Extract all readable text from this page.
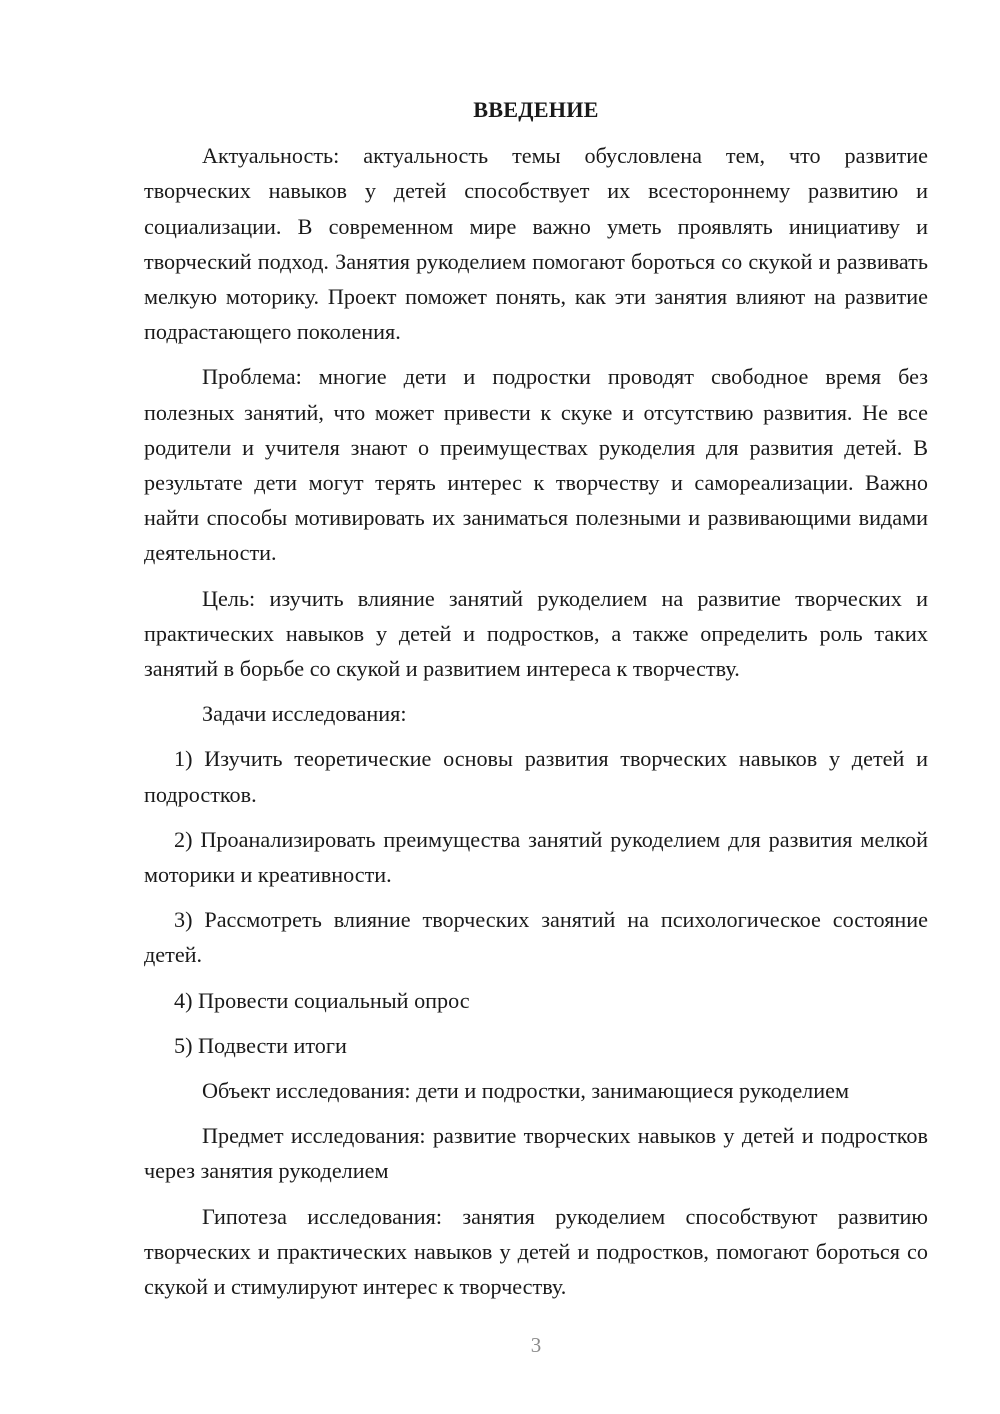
ВВЕДЕНИЕ

Актуальность: актуальность темы обусловлена тем, что развитие творческих навыков у детей способствует их всестороннему развитию и социализации. В современном мире важно уметь проявлять инициативу и творческий подход. Занятия рукоделием помогают бороться со скукой и развивать мелкую моторику. Проект поможет понять, как эти занятия влияют на развитие подрастающего поколения.

Проблема: многие дети и подростки проводят свободное время без полезных занятий, что может привести к скуке и отсутствию развития. Не все родители и учителя знают о преимуществах рукоделия для развития детей. В результате дети могут терять интерес к творчеству и самореализации. Важно найти способы мотивировать их заниматься полезными и развивающими видами деятельности.

Цель: изучить влияние занятий рукоделием на развитие творческих и практических навыков у детей и подростков, а также определить роль таких занятий в борьбе со скукой и развитием интереса к творчеству.

Задачи исследования:

1) Изучить теоретические основы развития творческих навыков у детей и подростков.

2) Проанализировать преимущества занятий рукоделием для развития мелкой моторики и креативности.

3) Рассмотреть влияние творческих занятий на психологическое состояние детей.

4) Провести социальный опрос

5) Подвести итоги

Объект исследования: дети и подростки, занимающиеся рукоделием

Предмет исследования: развитие творческих навыков у детей и подростков через занятия рукоделием

Гипотеза исследования: занятия рукоделием способствуют развитию творческих и практических навыков у детей и подростков, помогают бороться со скукой и стимулируют интерес к творчеству.

3
